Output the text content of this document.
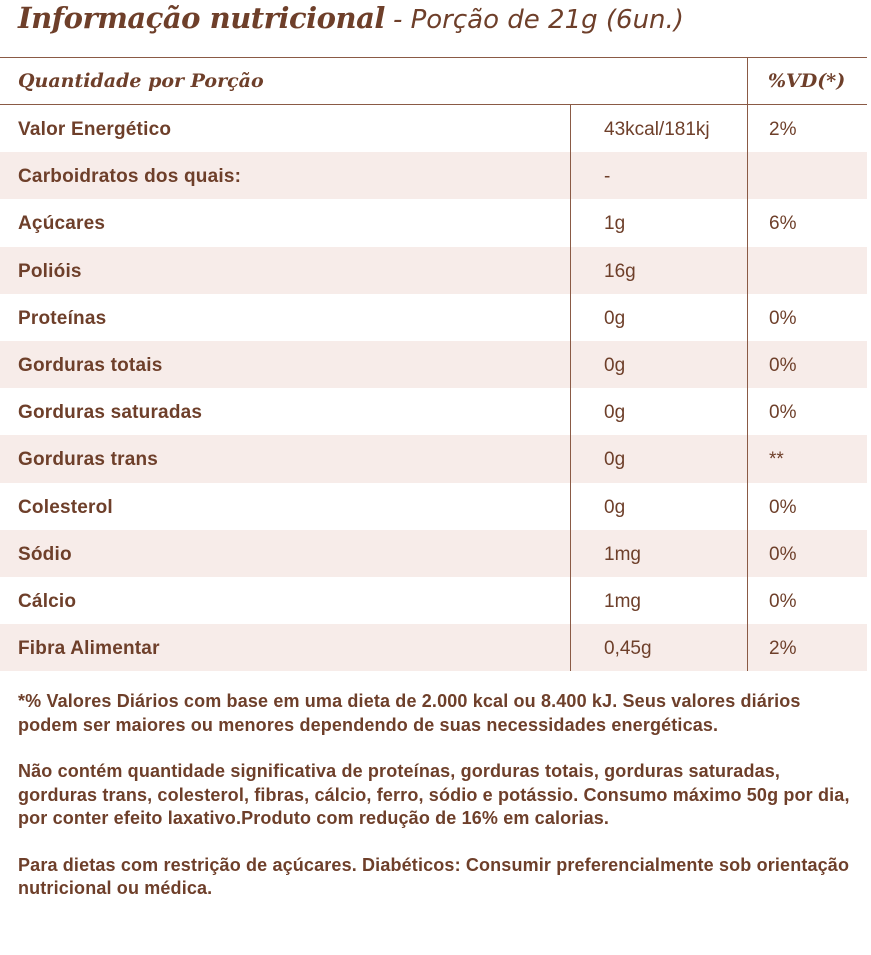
Informação nutricional - Porção de 21g (6un.)
Quantidade por Porção	%VD(*)
Valor Energético	43kcal/181kj	2%
Carboidratos dos quais:	-
Açúcares	1g	6%
Polióis	16g
Proteínas	0g	0%
Gorduras totais	0g	0%
Gorduras saturadas	0g	0%
Gorduras trans	0g	**
Colesterol	0g	0%
Sódio	1mg	0%
Cálcio	1mg	0%
Fibra Alimentar	0,45g	2%

*% Valores Diários com base em uma dieta de 2.000 kcal ou 8.400 kJ. Seus valores diários podem ser maiores ou menores dependendo de suas necessidades energéticas.

Não contém quantidade significativa de proteínas, gorduras totais, gorduras saturadas, gorduras trans, colesterol, fibras, cálcio, ferro, sódio e potássio. Consumo máximo 50g por dia, por conter efeito laxativo.Produto com redução de 16% em calorias.

Para dietas com restrição de açúcares. Diabéticos: Consumir preferencialmente sob orientação nutricional ou médica.
